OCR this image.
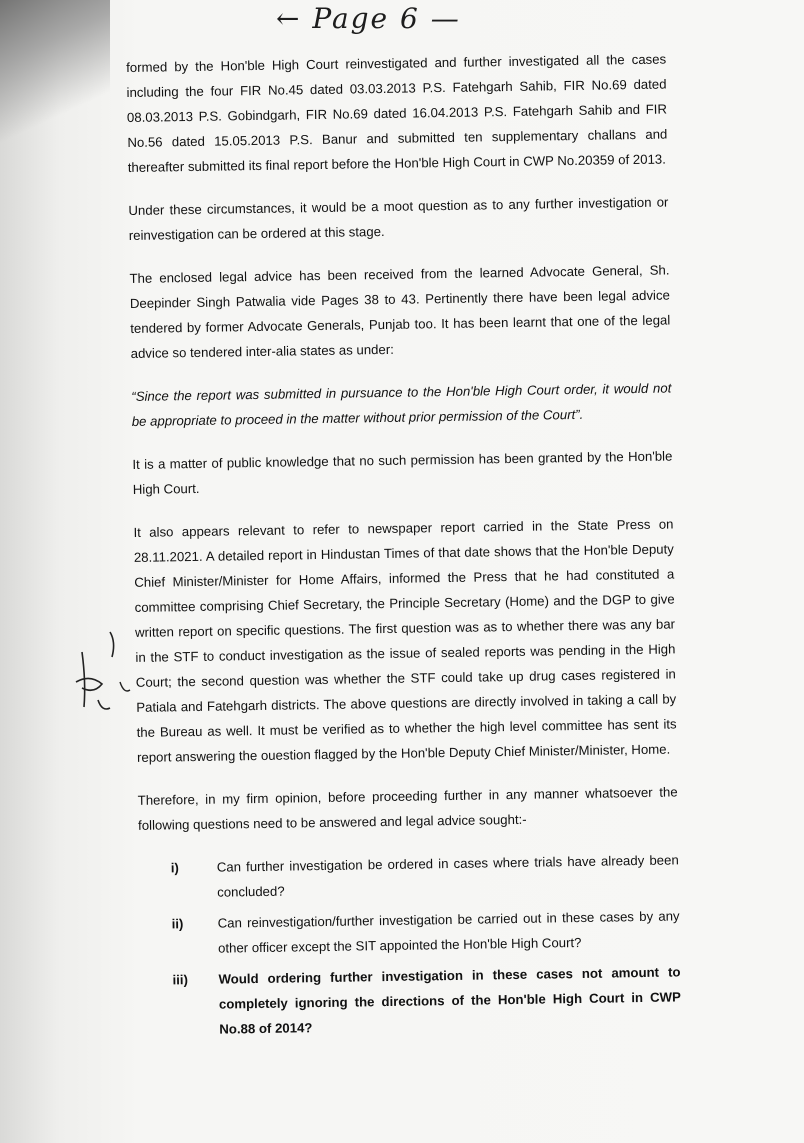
← Page 6 —

formed by the Hon'ble High Court reinvestigated and further investigated all the cases including the four FIR No.45 dated 03.03.2013 P.S. Fatehgarh Sahib, FIR No.69 dated 08.03.2013 P.S. Gobindgarh, FIR No.69 dated 16.04.2013 P.S. Fatehgarh Sahib and FIR No.56 dated 15.05.2013 P.S. Banur and submitted ten supplementary challans and thereafter submitted its final report before the Hon'ble High Court in CWP No.20359 of 2013.

Under these circumstances, it would be a moot question as to any further investigation or reinvestigation can be ordered at this stage.

The enclosed legal advice has been received from the learned Advocate General, Sh. Deepinder Singh Patwalia vide Pages 38 to 43. Pertinently there have been legal advice tendered by former Advocate Generals, Punjab too. It has been learnt that one of the legal advice so tendered inter-alia states as under:

“Since the report was submitted in pursuance to the Hon'ble High Court order, it would not be appropriate to proceed in the matter without prior permission of the Court”.

It is a matter of public knowledge that no such permission has been granted by the Hon'ble High Court.

It also appears relevant to refer to newspaper report carried in the State Press on 28.11.2021. A detailed report in Hindustan Times of that date shows that the Hon'ble Deputy Chief Minister/Minister for Home Affairs, informed the Press that he had constituted a committee comprising Chief Secretary, the Principle Secretary (Home) and the DGP to give written report on specific questions. The first question was as to whether there was any bar in the STF to conduct investigation as the issue of sealed reports was pending in the High Court; the second question was whether the STF could take up drug cases registered in Patiala and Fatehgarh districts. The above questions are directly involved in taking a call by the Bureau as well. It must be verified as to whether the high level committee has sent its report answering the ouestion flagged by the Hon'ble Deputy Chief Minister/Minister, Home.

Therefore, in my firm opinion, before proceeding further in any manner whatsoever the following questions need to be answered and legal advice sought:-

i)	Can further investigation be ordered in cases where trials have already been concluded?
ii)	Can reinvestigation/further investigation be carried out in these cases by any other officer except the SIT appointed the Hon'ble High Court?
iii)	Would ordering further investigation in these cases not amount to completely ignoring the directions of the Hon'ble High Court in CWP No.88 of 2014?
